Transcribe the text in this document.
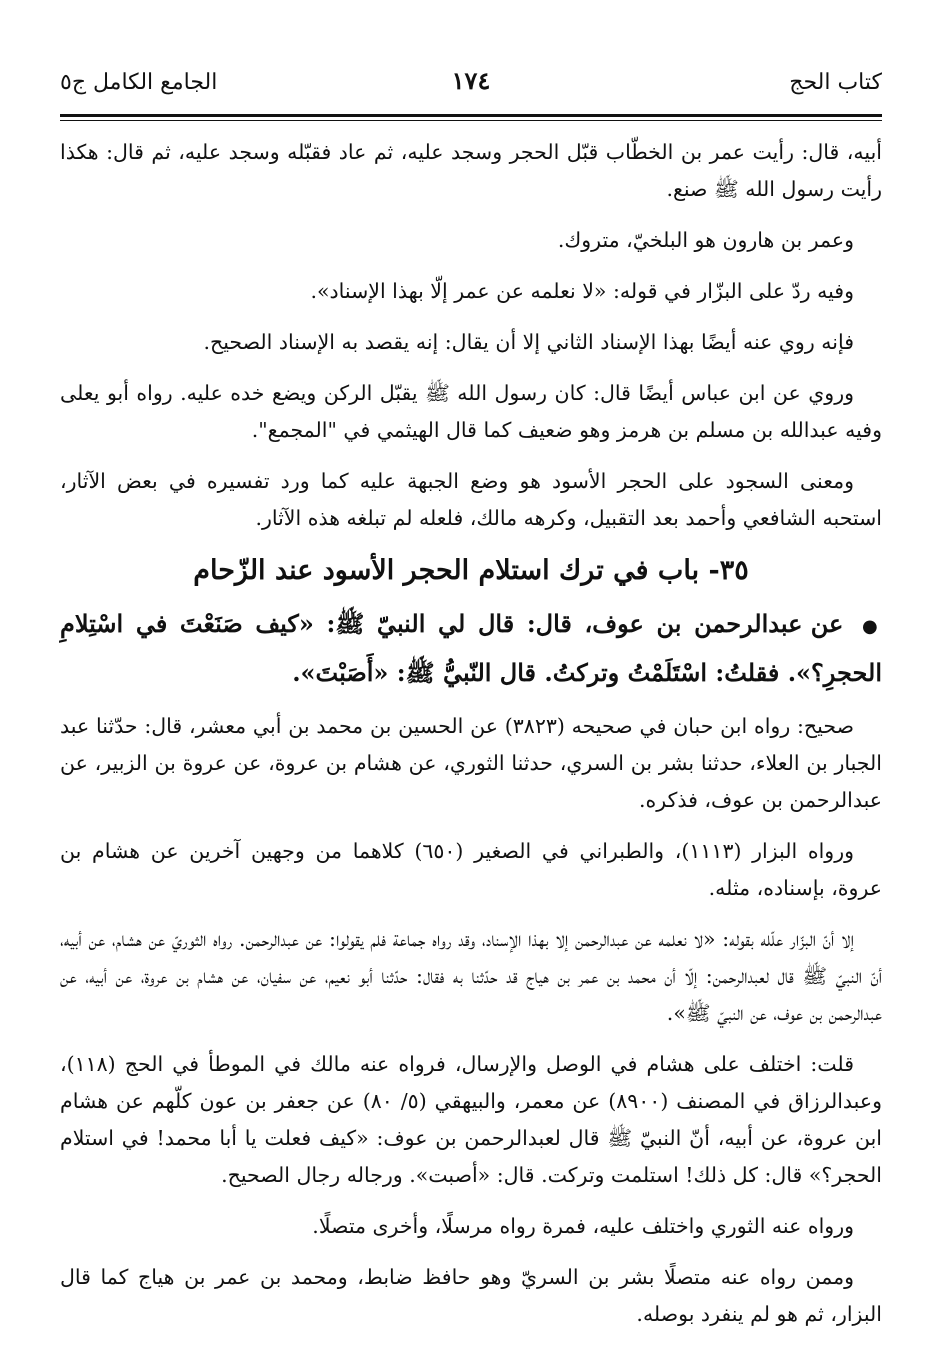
كتاب الحج
١٧٤
الجامع الكامل ج٥

أبيه، قال: رأيت عمر بن الخطّاب قبّل الحجر وسجد عليه، ثم عاد فقبّله وسجد عليه، ثم قال: هكذا رأيت رسول الله ﷺ صنع.

وعمر بن هارون هو البلخيّ، متروك.

وفيه ردّ على البزّار في قوله: «لا نعلمه عن عمر إلّا بهذا الإسناد».

فإنه روي عنه أيضًا بهذا الإسناد الثاني إلا أن يقال: إنه يقصد به الإسناد الصحيح.

وروي عن ابن عباس أيضًا قال: كان رسول الله ﷺ يقبّل الركن ويضع خده عليه. رواه أبو يعلى وفيه عبدالله بن مسلم بن هرمز وهو ضعيف كما قال الهيثمي في "المجمع".

ومعنى السجود على الحجر الأسود هو وضع الجبهة عليه كما ورد تفسيره في بعض الآثار، استحبه الشافعي وأحمد بعد التقبيل، وكرهه مالك، فلعله لم تبلغه هذه الآثار.

٣٥- باب في ترك استلام الحجر الأسود عند الزّحام
● عن عبدالرحمن بن عوف، قال: قال لي النبيّ ﷺ: «كيف صَنَعْتَ في اسْتِلامِ الحجرِ؟». فقلتُ: اسْتَلَمْتُ وتركتُ. قال النّبيُّ ﷺ: «أَصَبْتَ».

صحيح: رواه ابن حبان في صحيحه (٣٨٢٣) عن الحسين بن محمد بن أبي معشر، قال: حدّثنا عبد الجبار بن العلاء، حدثنا بشر بن السري، حدثنا الثوري، عن هشام بن عروة، عن عروة بن الزبير، عن عبدالرحمن بن عوف، فذكره.

ورواه البزار (١١١٣)، والطبراني في الصغير (٦٥٠) كلاهما من وجهين آخرين عن هشام بن عروة، بإسناده، مثله.

إلا أنّ البزّار علّله بقوله: «لا نعلمه عن عبدالرحمن إلا بهذا الإسناد، وقد رواه جماعة فلم يقولوا: عن عبدالرحمن. رواه الثوريّ عن هشام، عن أبيه، أنّ النبيّ ﷺ قال لعبدالرحمن: إلّا أن محمد بن عمر بن هياج قد حدّثنا به فقال: حدّثنا أبو نعيم، عن سفيان، عن هشام بن عروة، عن أبيه، عن عبدالرحمن بن عوف، عن النبيّ ﷺ».

قلت: اختلف على هشام في الوصل والإرسال، فرواه عنه مالك في الموطأ في الحج (١١٨)، وعبدالرزاق في المصنف (٨٩٠٠) عن معمر، والبيهقي (٥/ ٨٠) عن جعفر بن عون كلّهم عن هشام ابن عروة، عن أبيه، أنّ النبيّ ﷺ قال لعبدالرحمن بن عوف: «كيف فعلت يا أبا محمد! في استلام الحجر؟» قال: كل ذلك! استلمت وتركت. قال: «أصبت». ورجاله رجال الصحيح.

ورواه عنه الثوري واختلف عليه، فمرة رواه مرسلًا، وأخرى متصلًا.

وممن رواه عنه متصلًا بشر بن السريّ وهو حافظ ضابط، ومحمد بن عمر بن هياج كما قال البزار، ثم هو لم ينفرد بوصله.
